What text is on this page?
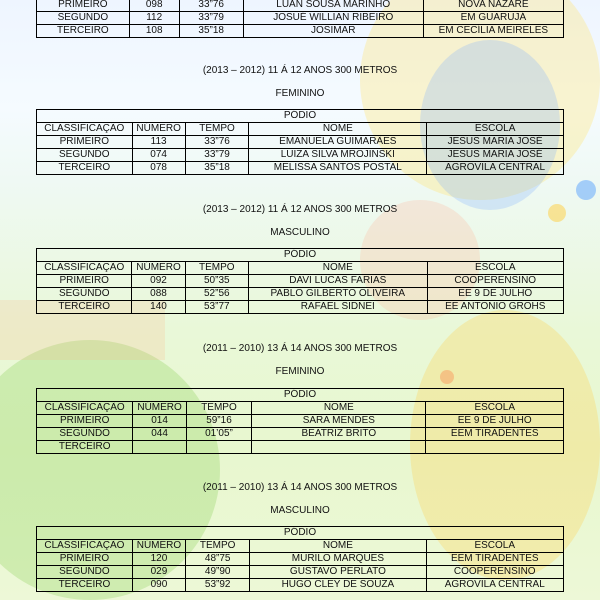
PRIMEIRO	098	33”76	LUAN SOUSA MARINHO	NOVA NAZARÉ
SEGUNDO	112	33”79	JOSUÉ WILLIAN RIBEIRO	EM GUARUJÁ
TERCEIRO	108	35”18	JOSIMAR	EM CECÍLIA MEIRELES
(2013 – 2012) 11 Á 12 ANOS 300 METROS
FEMININO
PÓDIO				
CLASSIFICAÇÃO	NÚMERO	TEMPO	NOME	ESCOLA
PRIMEIRO	113	33”76	EMANUELA GUIMARÃES	JESUS MARIA JOSÉ
SEGUNDO	074	33”79	LUIZA SILVA MROJINSKI	JESUS MARIA JOSÉ
TERCEIRO	078	35”18	MELISSA SANTOS POSTAL	AGROVILA CENTRAL
(2013 – 2012) 11 Á 12 ANOS 300 METROS
MASCULINO
PÓDIO				
CLASSIFICAÇÃO	NÚMERO	TEMPO	NOME	ESCOLA
PRIMEIRO	092	50”35	DAVI LUCAS FARIAS	COOPERENSINO
SEGUNDO	088	52”56	PABLO GILBERTO OLIVEIRA	EE 9 DE JULHO
TERCEIRO	140	53”77	RAFAEL SIDNEI	EE ANTONIO GROHS
(2011 – 2010) 13 Á 14 ANOS 300 METROS
FEMININO
PÓDIO				
CLASSIFICAÇÃO	NÚMERO	TEMPO	NOME	ESCOLA
PRIMEIRO	014	59”16	SARA MENDES	EE 9 DE JULHO
SEGUNDO	044	01’05”	BEATRIZ BRITO	EEM TIRADENTES
TERCEIRO				
(2011 – 2010) 13 Á 14 ANOS 300 METROS
MASCULINO
PÓDIO				
CLASSIFICAÇÃO	NÚMERO	TEMPO	NOME	ESCOLA
PRIMEIRO	120	48”75	MURILO MARQUES	EEM TIRADENTES
SEGUNDO	029	49”90	GUSTAVO PERLATO	COOPERENSINO
TERCEIRO	090	53”92	HUGO CLEY DE SOUZA	AGROVILA CENTRAL
